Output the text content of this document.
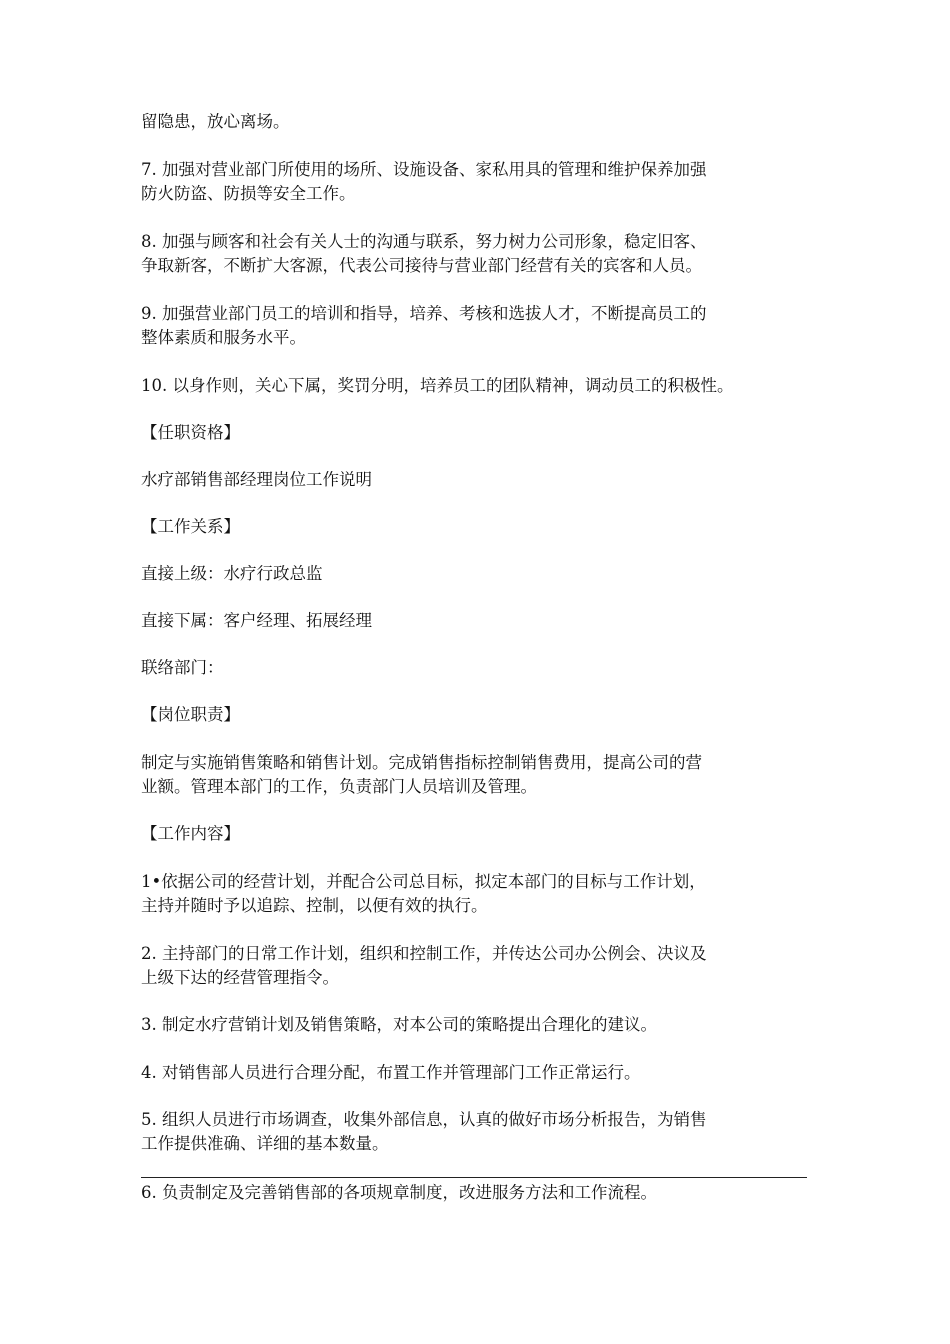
留隐患，放心离场。
7. 加强对营业部门所使用的场所、设施设备、家私用具的管理和维护保养加强
防火防盗、防损等安全工作。
8. 加强与顾客和社会有关人士的沟通与联系，努力树力公司形象，稳定旧客、
争取新客，不断扩大客源，代表公司接待与营业部门经营有关的宾客和人员。
9. 加强营业部门员工的培训和指导，培养、考核和选拔人才，不断提高员工的
整体素质和服务水平。
10. 以身作则，关心下属，奖罚分明，培养员工的团队精神，调动员工的积极性。
【任职资格】
水疗部销售部经理岗位工作说明
【工作关系】
直接上级：水疗行政总监
直接下属：客户经理、拓展经理
联络部门：
【岗位职责】
制定与实施销售策略和销售计划。完成销售指标控制销售费用，提高公司的营
业额。管理本部门的工作，负责部门人员培训及管理。
【工作内容】
1•依据公司的经营计划，并配合公司总目标，拟定本部门的目标与工作计划，
主持并随时予以追踪、控制，以便有效的执行。
2. 主持部门的日常工作计划，组织和控制工作，并传达公司办公例会、决议及
上级下达的经营管理指令。
3. 制定水疗营销计划及销售策略，对本公司的策略提出合理化的建议。
4. 对销售部人员进行合理分配，布置工作并管理部门工作正常运行。
5. 组织人员进行市场调查，收集外部信息，认真的做好市场分析报告，为销售
工作提供准确、详细的基本数量。
6. 负责制定及完善销售部的各项规章制度，改进服务方法和工作流程。
